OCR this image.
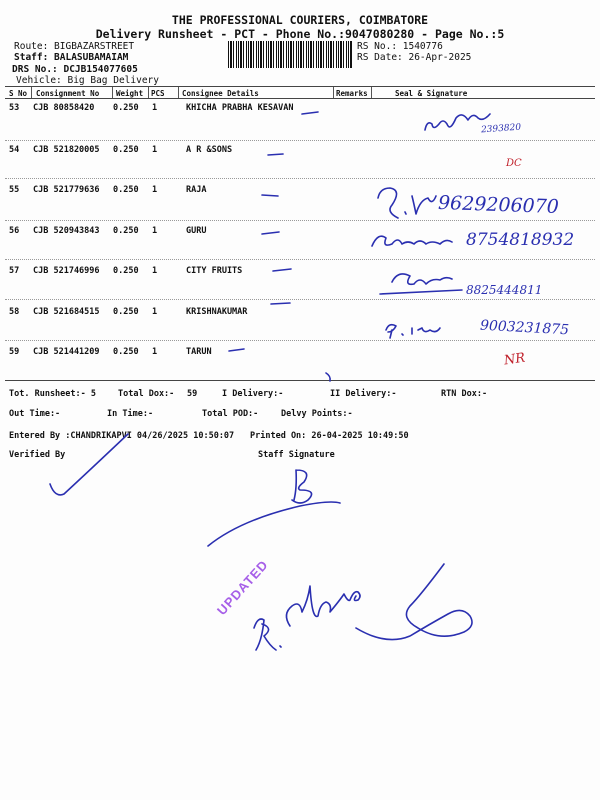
THE PROFESSIONAL COURIERS, COIMBATORE
Delivery Runsheet - PCT - Phone No.:9047080280 - Page No.:5
Route: BIGBAZARSTREET
Staff: BALASUBAMAIAM
DRS No.: DCJB154077605
Vehicle: Big Bag Delivery
RS No.: 1540776
RS Date: 26-Apr-2025
S No Consignment No Weight PCS Consignee Details	Remarks	Seal & Signature
53 CJB 80858420 0.250 1	KHICHA PRABHA KESAVAN
54 CJB 521820005 0.250 1	A R &SONS
55 CJB 521779636 0.250 1	RAJA
56 CJB 520943843 0.250 1	GURU
57 CJB 521746996 0.250 1	CITY FRUITS
58 CJB 521684515 0.250 1	KRISHNAKUMAR
59 CJB 521441209 0.250 1	TARUN
Tot. Runsheet:- 5	Total Dox:- 59	I Delivery:-	II Delivery:-	RTN Dox:-
Out Time:-	In Time:-	Total POD:-	Delvy Points:-
Entered By :CHANDRIKAPVI 04/26/2025 10:50:07 Printed On: 26-04-2025 10:49:50
Verified By	Staff Signature
2393820
DC
9629206070
8754818932
8825444811
9003231875
NR
UPDATED
